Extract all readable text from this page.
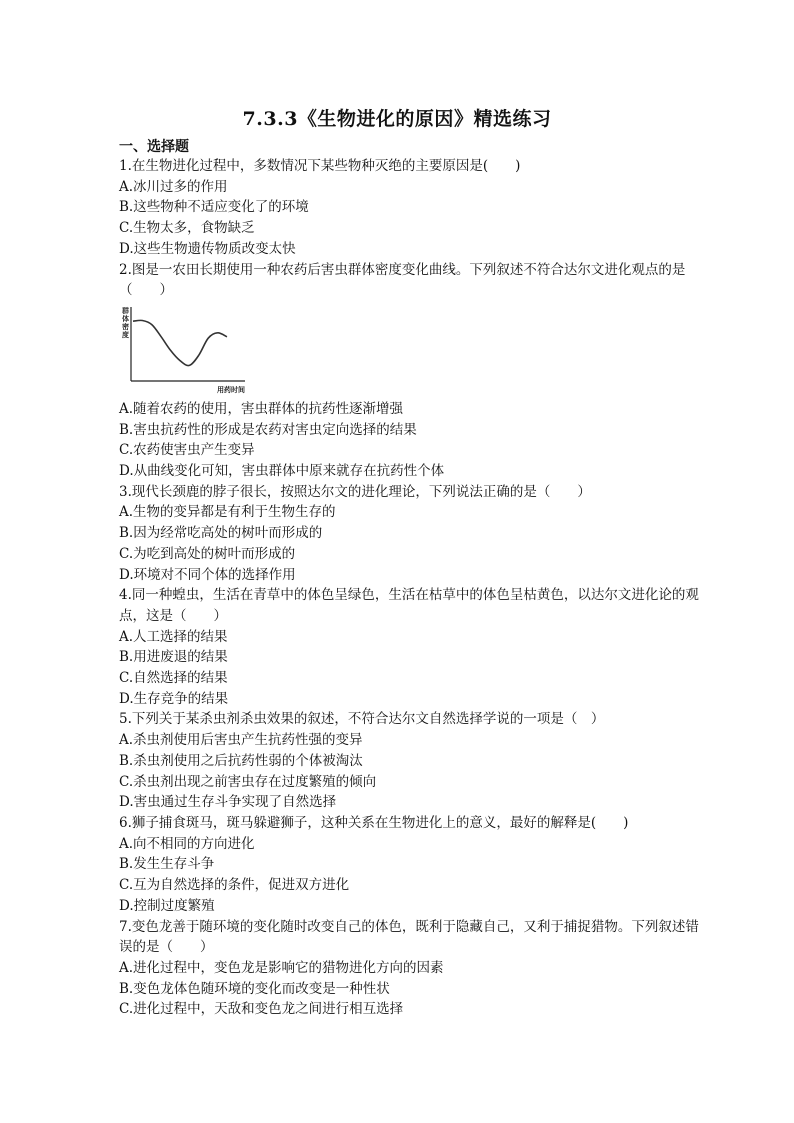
7.3.3《生物进化的原因》精选练习
一、选择题
1.在生物进化过程中，多数情况下某些物种灭绝的主要原因是(　　)
A.冰川过多的作用
B.这些物种不适应变化了的环境
C.生物太多，食物缺乏
D.这些生物遗传物质改变太快
2.图是一农田长期使用一种农药后害虫群体密度变化曲线。下列叙述不符合达尔文进化观点的是（　　）
群体密度
用药时间
A.随着农药的使用，害虫群体的抗药性逐渐增强
B.害虫抗药性的形成是农药对害虫定向选择的结果
C.农药使害虫产生变异
D.从曲线变化可知，害虫群体中原来就存在抗药性个体
3.现代长颈鹿的脖子很长，按照达尔文的进化理论，下列说法正确的是（　　）
A.生物的变异都是有利于生物生存的
B.因为经常吃高处的树叶而形成的
C.为吃到高处的树叶而形成的
D.环境对不同个体的选择作用
4.同一种蝗虫，生活在青草中的体色呈绿色，生活在枯草中的体色呈枯黄色，以达尔文进化论的观点，这是（　　）
A.人工选择的结果
B.用进废退的结果
C.自然选择的结果
D.生存竞争的结果
5.下列关于某杀虫剂杀虫效果的叙述，不符合达尔文自然选择学说的一项是（　）
A.杀虫剂使用后害虫产生抗药性强的变异
B.杀虫剂使用之后抗药性弱的个体被淘汰
C.杀虫剂出现之前害虫存在过度繁殖的倾向
D.害虫通过生存斗争实现了自然选择
6.狮子捕食斑马，斑马躲避狮子，这种关系在生物进化上的意义，最好的解释是(　　)
A.向不相同的方向进化
B.发生生存斗争
C.互为自然选择的条件，促进双方进化
D.控制过度繁殖
7.变色龙善于随环境的变化随时改变自己的体色，既利于隐藏自己，又利于捕捉猎物。下列叙述错误的是（　　）
A.进化过程中，变色龙是影响它的猎物进化方向的因素
B.变色龙体色随环境的变化而改变是一种性状
C.进化过程中，天敌和变色龙之间进行相互选择
